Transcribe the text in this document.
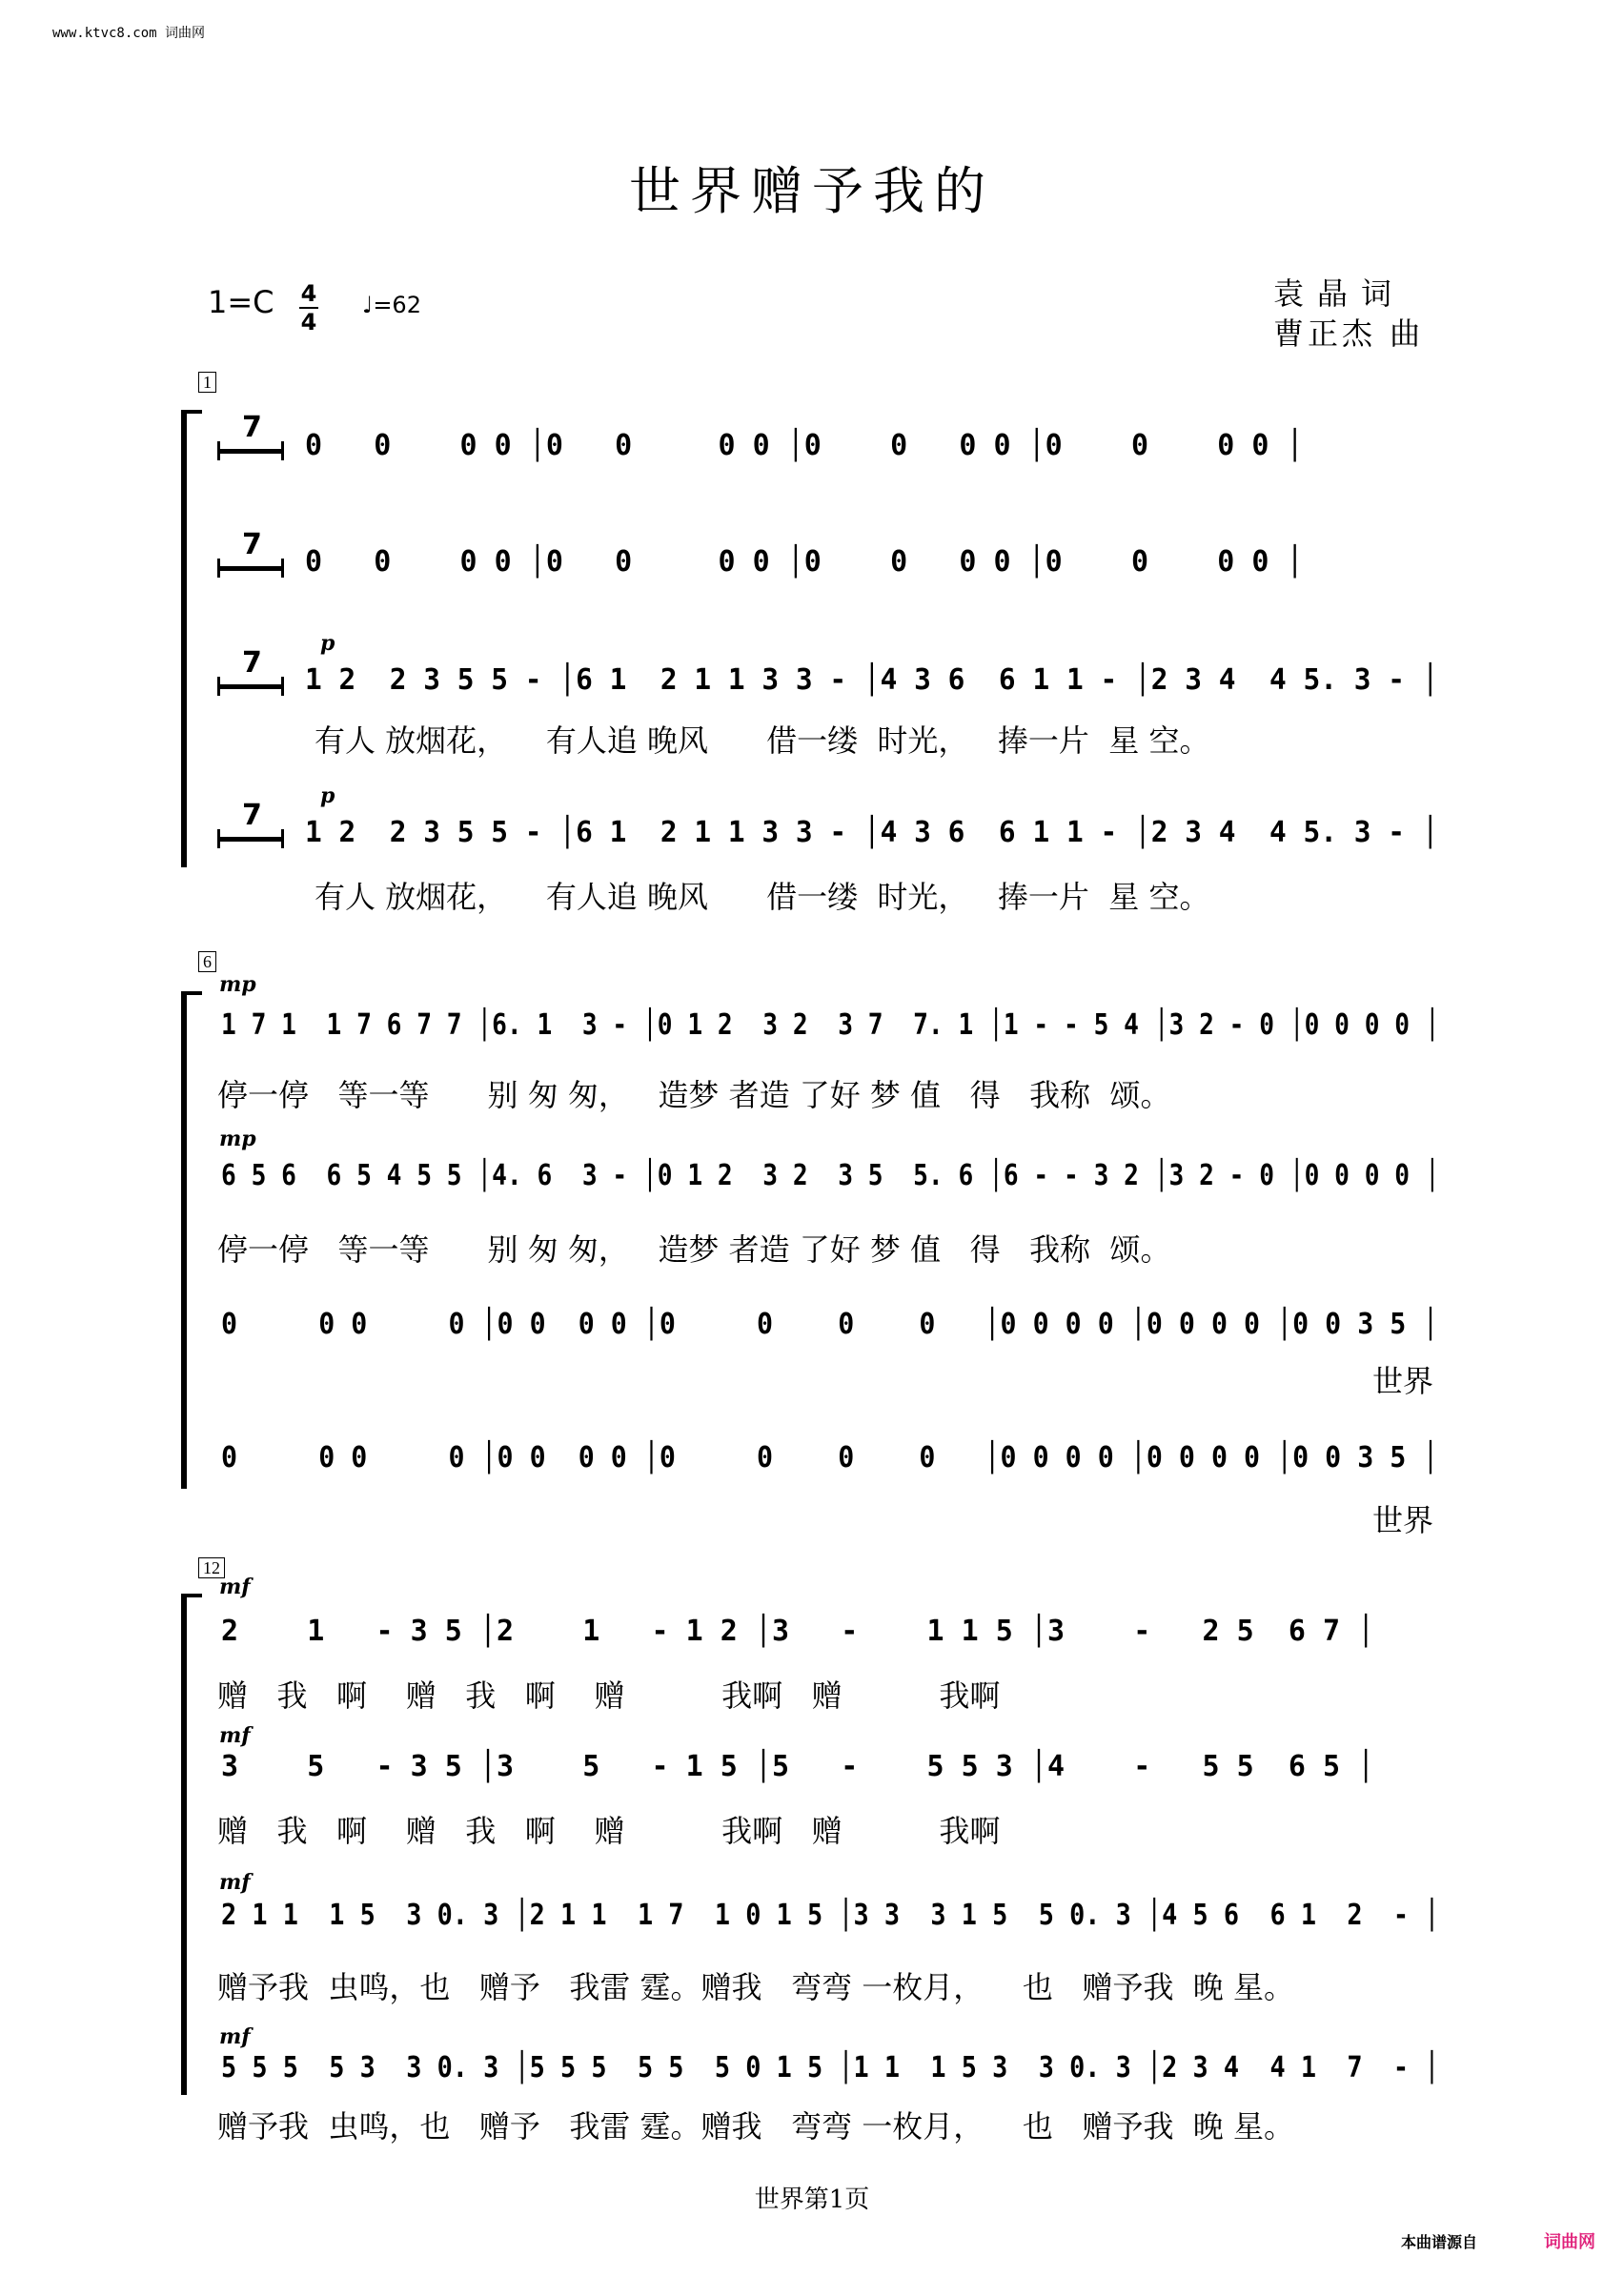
www.ktvc8.com 词曲网
世界赠予我的
1=C 4
4
♩=62	袁晶词
曹正杰 曲
1
7
0   0    0 0 │0   0     0 0 │0    0   0 0 │0    0    0 0 │
7
0   0    0 0 │0   0     0 0 │0    0   0 0 │0    0    0 0 │
7
p
1 2  2 3 5 5 - │6 1  2 1 1 3 3 - │4 3 6  6 1 1 - │2 3 4  4 5. 3 - │
有人 放烟花，    有人追 晚风      借一缕  时光，   捧一片  星 空。
7
p
1 2  2 3 5 5 - │6 1  2 1 1 3 3 - │4 3 6  6 1 1 - │2 3 4  4 5. 3 - │
有人 放烟花，    有人追 晚风      借一缕  时光，   捧一片  星 空。
6
mp
1 7 1  1 7 6 7 7 │6. 1  3 - │0 1 2  3 2  3 7  7. 1 │1 - - 5 4 │3 2 - 0 │0 0 0 0 │
停一停   等一等      别 匆 匆，   造梦 者造 了好 梦 值   得   我称  颂。
mp
6 5 6  6 5 4 5 5 │4. 6  3 - │0 1 2  3 2  3 5  5. 6 │6 - - 3 2 │3 2 - 0 │0 0 0 0 │
停一停   等一等      别 匆 匆，   造梦 者造 了好 梦 值   得   我称  颂。
0     0 0     0 │0 0  0 0 │0     0    0    0   │0 0 0 0 │0 0 0 0 │0 0 3 5 │
世界
0     0 0     0 │0 0  0 0 │0     0    0    0   │0 0 0 0 │0 0 0 0 │0 0 3 5 │
世界
12
mf
2    1   - 3 5 │2    1   - 1 2 │3   -    1 1 5 │3    -   2 5  6 7 │
赠   我   啊    赠   我   啊    赠          我啊   赠          我啊
mf
3    5   - 3 5 │3    5   - 1 5 │5   -    5 5 3 │4    -   5 5  6 5 │
赠   我   啊    赠   我   啊    赠          我啊   赠          我啊
mf
2 1 1  1 5  3 0. 3 │2 1 1  1 7  1 0 1 5 │3 3  3 1 5  5 0. 3 │4 5 6  6 1  2  - │
赠予我  虫鸣，也   赠予   我雷 霆。赠我   弯弯 一枚月，    也   赠予我  晚 星。
mf
5 5 5  5 3  3 0. 3 │5 5 5  5 5  5 0 1 5 │1 1  1 5 3  3 0. 3 │2 3 4  4 1  7  - │
赠予我  虫鸣，也   赠予   我雷 霆。赠我   弯弯 一枚月，    也   赠予我  晚 星。
世界第1页
本曲谱源自	词曲网
